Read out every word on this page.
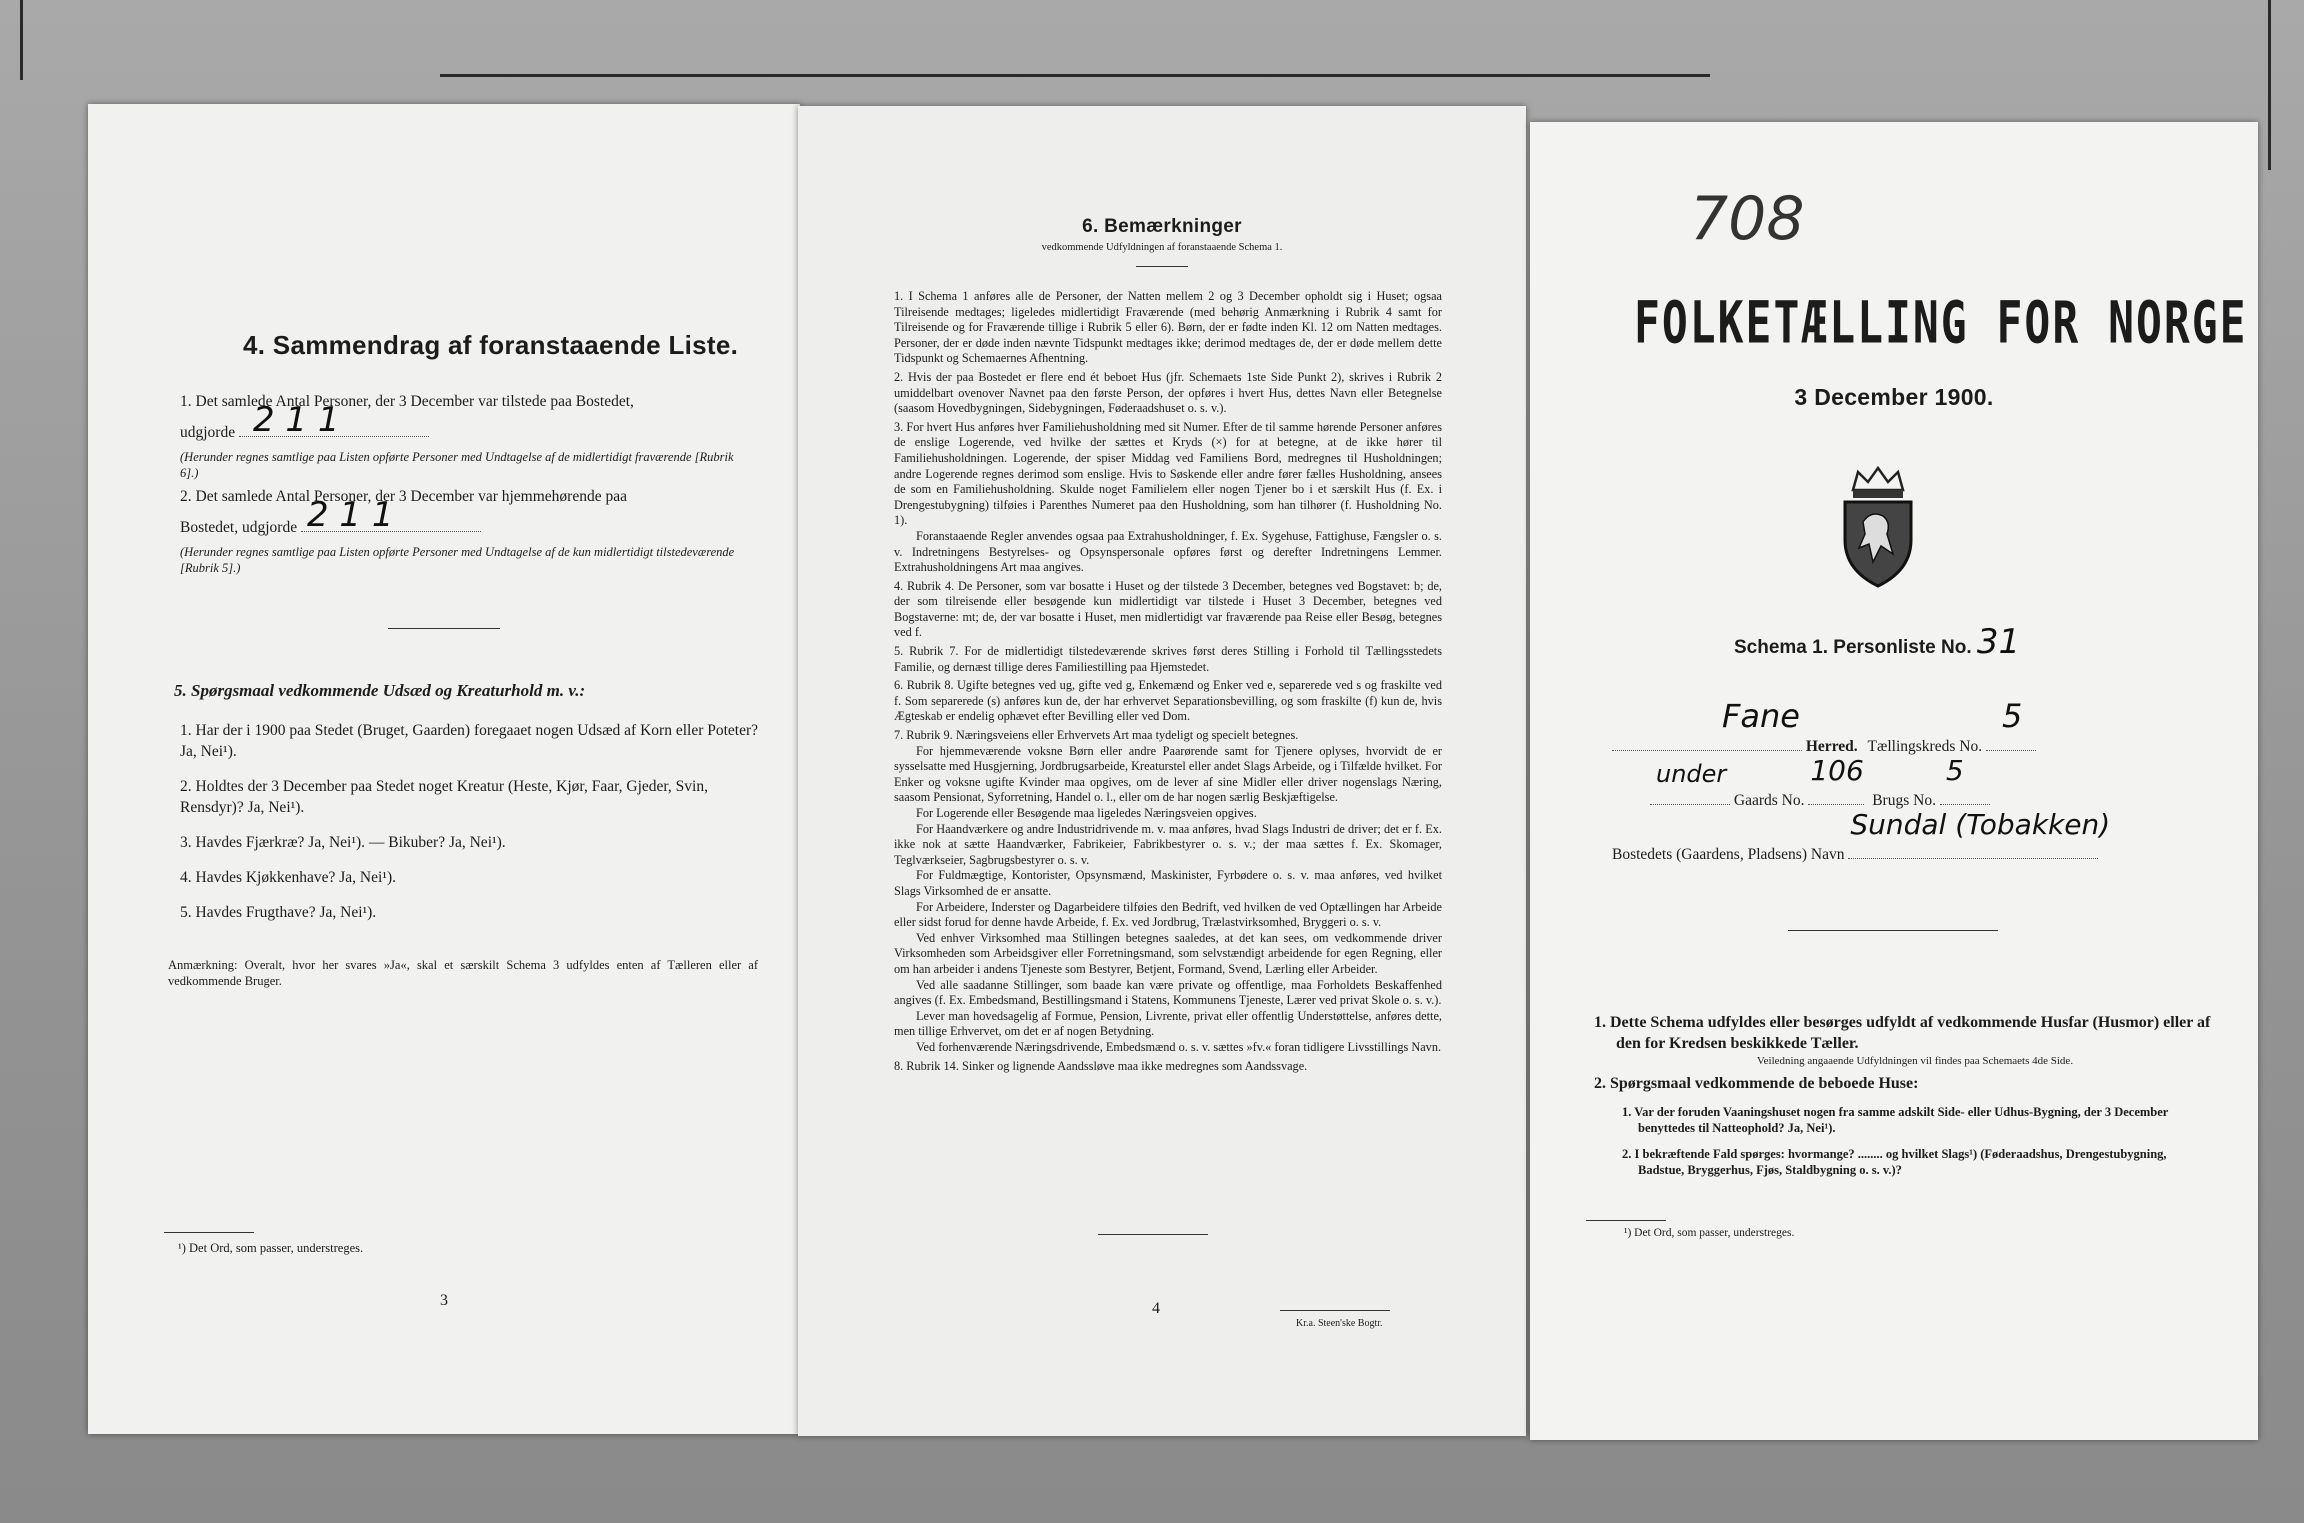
4. Sammendrag af foranstaaende Liste.

1. Det samlede Antal Personer, der 3 December var tilstede paa Bostedet,

udgjorde 2 1 1

(Herunder regnes samtlige paa Listen opførte Personer med Undtagelse af de midlertidigt fraværende [Rubrik 6].)

2. Det samlede Antal Personer, der 3 December var hjemmehørende paa

Bostedet, udgjorde 2 1 1

(Herunder regnes samtlige paa Listen opførte Personer med Undtagelse af de kun midlertidigt tilstedeværende [Rubrik 5].)

5. Spørgsmaal vedkommende Udsæd og Kreaturhold m. v.:

1. Har der i 1900 paa Stedet (Bruget, Gaarden) foregaaet nogen Udsæd af Korn eller Poteter? Ja, Nei¹).

2. Holdtes der 3 December paa Stedet noget Kreatur (Heste, Kjør, Faar, Gjeder, Svin, Rensdyr)? Ja, Nei¹).

3. Havdes Fjærkræ? Ja, Nei¹). — Bikuber? Ja, Nei¹).

4. Havdes Kjøkkenhave? Ja, Nei¹).

5. Havdes Frugthave? Ja, Nei¹).

Anmærkning: Overalt, hvor her svares »Ja«, skal et særskilt Schema 3 udfyldes enten af Tælleren eller af vedkommende Bruger.
¹) Det Ord, som passer, understreges.
3
6. Bemærkninger
vedkommende Udfyldningen af foranstaaende Schema 1.

1. I Schema 1 anføres alle de Personer, der Natten mellem 2 og 3 December opholdt sig i Huset; ogsaa Tilreisende medtages; ligeledes midlertidigt Fraværende (med behørig Anmærkning i Rubrik 4 samt for Tilreisende og for Fraværende tillige i Rubrik 5 eller 6). Børn, der er fødte inden Kl. 12 om Natten medtages. Personer, der er døde inden nævnte Tidspunkt medtages ikke; derimod medtages de, der er døde mellem dette Tidspunkt og Schemaernes Afhentning.

2. Hvis der paa Bostedet er flere end ét beboet Hus (jfr. Schemaets 1ste Side Punkt 2), skrives i Rubrik 2 umiddelbart ovenover Navnet paa den første Person, der opføres i hvert Hus, dettes Navn eller Betegnelse (saasom Hovedbygningen, Sidebygningen, Føderaadshuset o. s. v.).

3. For hvert Hus anføres hver Familiehusholdning med sit Numer. Efter de til samme hørende Personer anføres de enslige Logerende, ved hvilke der sættes et Kryds (×) for at betegne, at de ikke hører til Familiehusholdningen. Logerende, der spiser Middag ved Familiens Bord, medregnes til Husholdningen; andre Logerende regnes derimod som enslige. Hvis to Søskende eller andre fører fælles Husholdning, ansees de som en Familiehusholdning. Skulde noget Familielem eller nogen Tjener bo i et særskilt Hus (f. Ex. i Drengestubygning) tilføies i Parenthes Numeret paa den Husholdning, som han tilhører (f. Husholdning No. 1).

Foranstaaende Regler anvendes ogsaa paa Extrahusholdninger, f. Ex. Sygehuse, Fattighuse, Fængsler o. s. v. Indretningens Bestyrelses- og Opsynspersonale opføres først og derefter Indretningens Lemmer. Extrahusholdningens Art maa angives.

4. Rubrik 4. De Personer, som var bosatte i Huset og der tilstede 3 December, betegnes ved Bogstavet: b; de, der som tilreisende eller besøgende kun midlertidigt var tilstede i Huset 3 December, betegnes ved Bogstaverne: mt; de, der var bosatte i Huset, men midlertidigt var fraværende paa Reise eller Besøg, betegnes ved f.

5. Rubrik 7. For de midlertidigt tilstedeværende skrives først deres Stilling i Forhold til Tællingsstedets Familie, og dernæst tillige deres Familiestilling paa Hjemstedet.

6. Rubrik 8. Ugifte betegnes ved ug, gifte ved g, Enkemænd og Enker ved e, separerede ved s og fraskilte ved f. Som separerede (s) anføres kun de, der har erhvervet Separationsbevilling, og som fraskilte (f) kun de, hvis Ægteskab er endelig ophævet efter Bevilling eller ved Dom.

7. Rubrik 9. Næringsveiens eller Erhvervets Art maa tydeligt og specielt betegnes.

For hjemmeværende voksne Børn eller andre Paarørende samt for Tjenere oplyses, hvorvidt de er sysselsatte med Husgjerning, Jordbrugsarbeide, Kreaturstel eller andet Slags Arbeide, og i Tilfælde hvilket. For Enker og voksne ugifte Kvinder maa opgives, om de lever af sine Midler eller driver nogenslags Næring, saasom Pensionat, Syforretning, Handel o. l., eller om de har nogen særlig Beskjæftigelse.

For Logerende eller Besøgende maa ligeledes Næringsveien opgives.

For Haandværkere og andre Industridrivende m. v. maa anføres, hvad Slags Industri de driver; det er f. Ex. ikke nok at sætte Haandværker, Fabrikeier, Fabrikbestyrer o. s. v.; der maa sættes f. Ex. Skomager, Teglværkseier, Sagbrugsbestyrer o. s. v.

For Fuldmægtige, Kontorister, Opsynsmænd, Maskinister, Fyrbødere o. s. v. maa anføres, ved hvilket Slags Virksomhed de er ansatte.

For Arbeidere, Inderster og Dagarbeidere tilføies den Bedrift, ved hvilken de ved Optællingen har Arbeide eller sidst forud for denne havde Arbeide, f. Ex. ved Jordbrug, Trælastvirksomhed, Bryggeri o. s. v.

Ved enhver Virksomhed maa Stillingen betegnes saaledes, at det kan sees, om vedkommende driver Virksomheden som Arbeidsgiver eller Forretningsmand, som selvstændigt arbeidende for egen Regning, eller om han arbeider i andens Tjeneste som Bestyrer, Betjent, Formand, Svend, Lærling eller Arbeider.

Ved alle saadanne Stillinger, som baade kan være private og offentlige, maa Forholdets Beskaffenhed angives (f. Ex. Embedsmand, Bestillingsmand i Statens, Kommunens Tjeneste, Lærer ved privat Skole o. s. v.).

Lever man hovedsagelig af Formue, Pension, Livrente, privat eller offentlig Understøttelse, anføres dette, men tillige Erhvervet, om det er af nogen Betydning.

Ved forhenværende Næringsdrivende, Embedsmænd o. s. v. sættes »fv.« foran tidligere Livsstillings Navn.

8. Rubrik 14. Sinker og lignende Aandssløve maa ikke medregnes som Aandssvage.

4
Kr.a. Steen'ske Bogtr.
708
FOLKETÆLLING FOR NORGE
3 December 1900.
Schema 1. Personliste No. 31
Fane
Herred. Tællingskreds No.
5
under
Gaards No.
106
Brugs No.
5
Bostedets (Gaardens, Pladsens) Navn
Sundal (Tobakken)

1. Dette Schema udfyldes eller besørges udfyldt af vedkommende Husfar (Husmor) eller af den for Kredsen beskikkede Tæller.

Veiledning angaaende Udfyldningen vil findes paa Schemaets 4de Side.

2. Spørgsmaal vedkommende de beboede Huse:

1. Var der foruden Vaaningshuset nogen fra samme adskilt Side- eller Udhus-Bygning, der 3 December benyttedes til Natteophold? Ja, Nei¹).

2. I bekræftende Fald spørges: hvormange? ........ og hvilket Slags¹) (Føderaadshus, Drengestubygning, Badstue, Bryggerhus, Fjøs, Staldbygning o. s. v.)?

¹) Det Ord, som passer, understreges.
